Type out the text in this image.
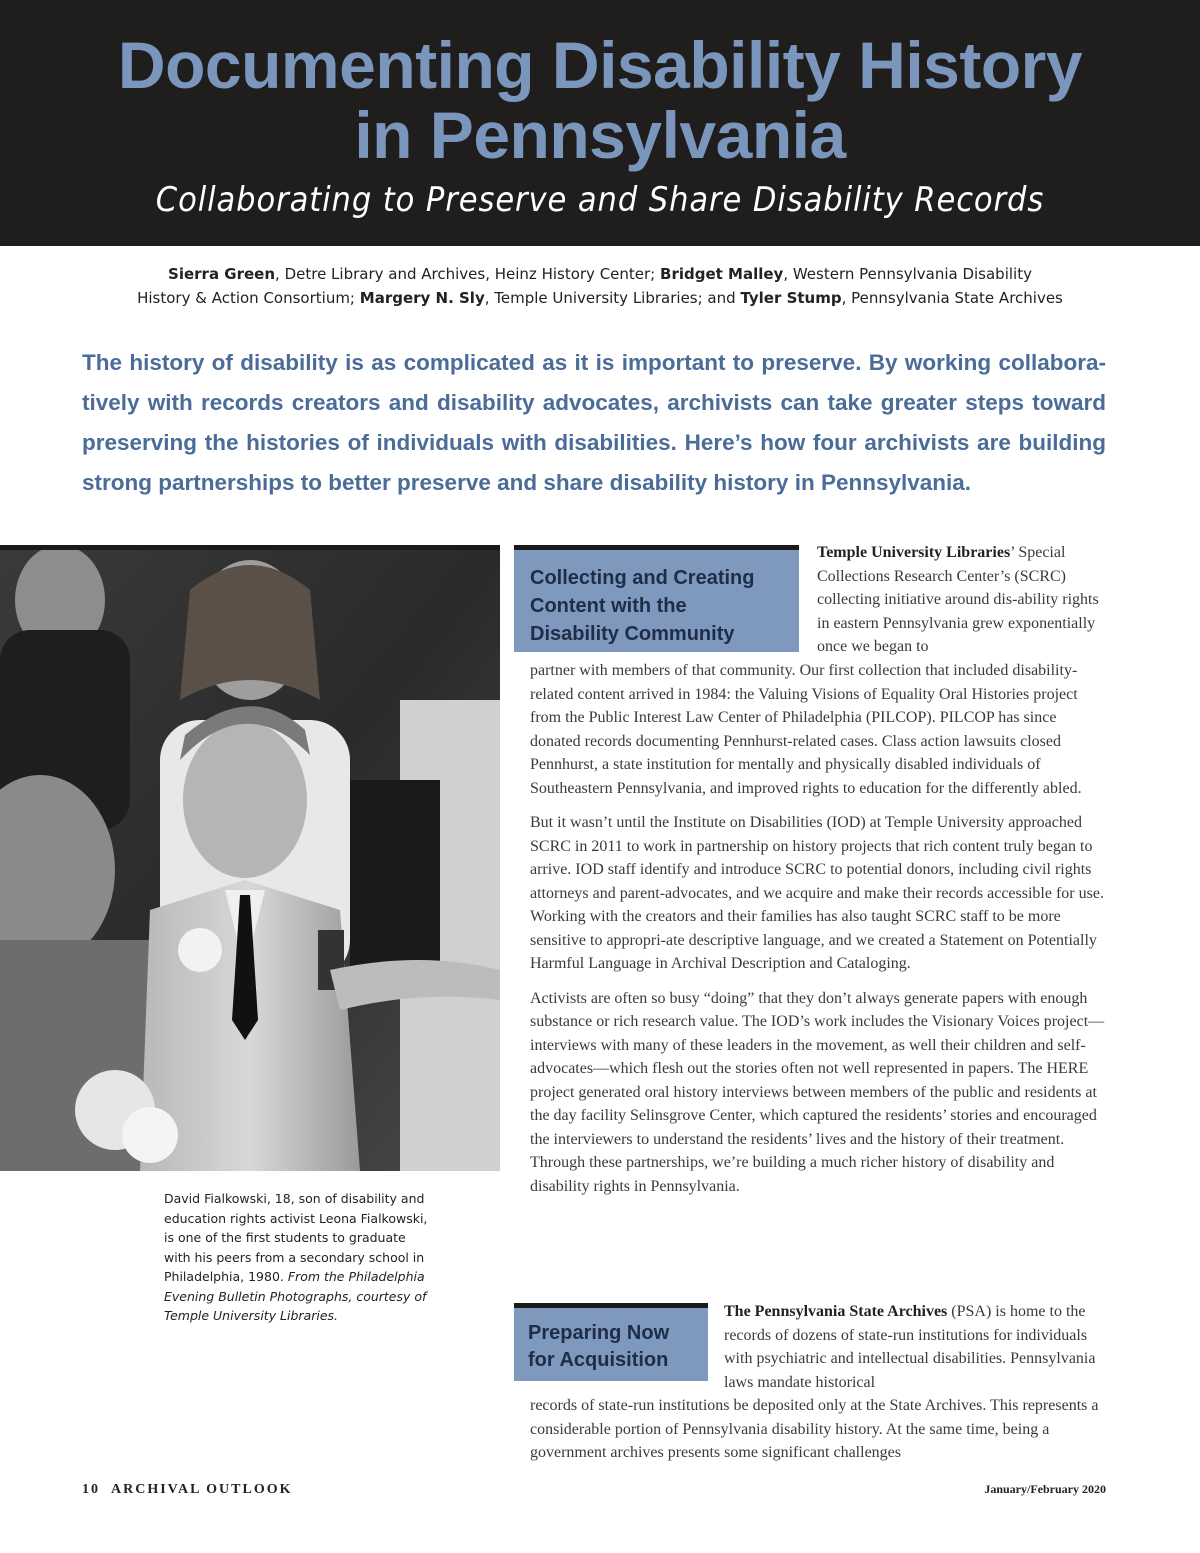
Documenting Disability History
in Pennsylvania
Collaborating to Preserve and Share Disability Records
Sierra Green, Detre Library and Archives, Heinz History Center; Bridget Malley, Western Pennsylvania Disability
History & Action Consortium; Margery N. Sly, Temple University Libraries; and Tyler Stump, Pennsylvania State Archives

The history of disability is as complicated as it is important to preserve. By working collabora-tively with records creators and disability advocates, archivists can take greater steps toward preserving the histories of individuals with disabilities. Here’s how four archivists are building strong partnerships to better preserve and share disability history in Pennsylvania.

David Fialkowski, 18, son of disability and education rights activist Leona Fialkowski, is one of the first students to graduate with his peers from a secondary school in Philadelphia, 1980. From the Philadelphia Evening Bulletin Photographs, courtesy of Temple University Libraries.
Collecting and Creating
Content with the
Disability Community

Temple University Libraries’ Special Collections Research Center’s (SCRC) collecting initiative around dis-ability rights in eastern Pennsylvania grew exponentially once we began to

partner with members of that community. Our first collection that included disability-related content arrived in 1984: the Valuing Visions of Equality Oral Histories project from the Public Interest Law Center of Philadelphia (PILCOP). PILCOP has since donated records documenting Pennhurst-related cases. Class action lawsuits closed Pennhurst, a state institution for mentally and physically disabled individuals of Southeastern Pennsylvania, and improved rights to education for the differently abled.

But it wasn’t until the Institute on Disabilities (IOD) at Temple University approached SCRC in 2011 to work in partnership on history projects that rich content truly began to arrive. IOD staff identify and introduce SCRC to potential donors, including civil rights attorneys and parent-advocates, and we acquire and make their records accessible for use. Working with the creators and their families has also taught SCRC staff to be more sensitive to appropri-ate descriptive language, and we created a Statement on Potentially Harmful Language in Archival Description and Cataloging.

Activists are often so busy “doing” that they don’t always generate papers with enough substance or rich research value. The IOD’s work includes the Visionary Voices project—interviews with many of these leaders in the movement, as well their children and self-advocates—which flesh out the stories often not well represented in papers. The HERE project generated oral history interviews between members of the public and residents at the day facility Selinsgrove Center, which captured the residents’ stories and encouraged the interviewers to understand the residents’ lives and the history of their treatment. Through these partnerships, we’re building a much richer history of disability and disability rights in Pennsylvania.

Preparing Now
for Acquisition

The Pennsylvania State Archives (PSA) is home to the records of dozens of state-run institutions for individuals with psychiatric and intellectual disabilities. Pennsylvania laws mandate historical

records of state-run institutions be deposited only at the State Archives. This represents a considerable portion of Pennsylvania disability history. At the same time, being a government archives presents some significant challenges

10 ARCHIVAL OUTLOOK	January/February 2020
